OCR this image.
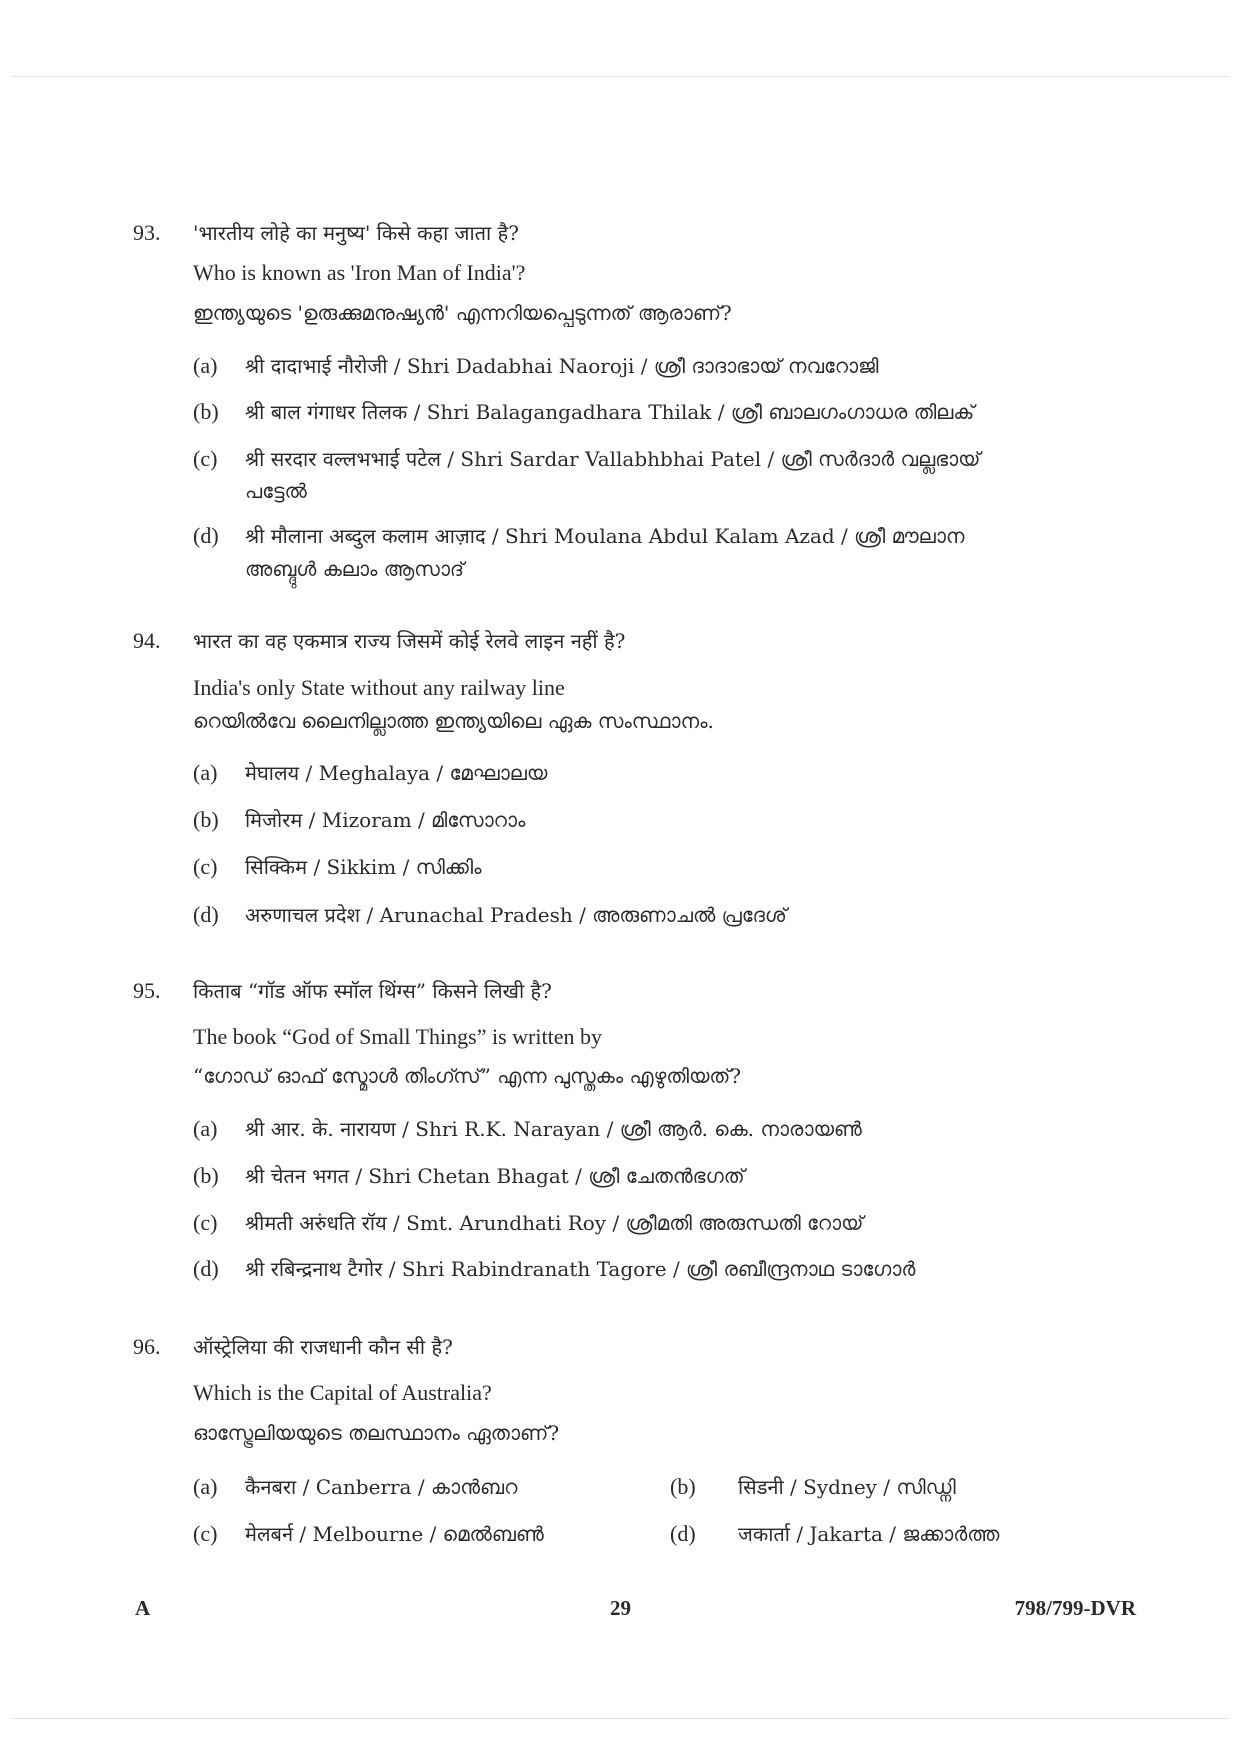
93. 'भारतीय लोहे का मनुष्य' किसे कहा जाता है?
Who is known as 'Iron Man of India'?
ഇന്ത്യയുടെ 'ഉരുക്കുമനുഷ്യൻ' എന്നറിയപ്പെടുന്നത് ആരാണ്?
(a) श्री दादाभाई नौरोजी / Shri Dadabhai Naoroji / ശ്രീ ദാദാഭായ് നവറോജി
(b) श्री बाल गंगाधर तिलक / Shri Balagangadhara Thilak / ശ്രീ ബാലഗംഗാധര തിലക്
(c) श्री सरदार वल्लभभाई पटेल / Shri Sardar Vallabhbhai Patel / ശ്രീ സർദാർ വല്ലഭായ്
പട്ടേൽ
(d) श्री मौलाना अब्दुल कलाम आज़ाद / Shri Moulana Abdul Kalam Azad / ശ്രീ മൗലാന
അബ്ദുൾ കലാം ആസാദ്
94. भारत का वह एकमात्र राज्य जिसमें कोई रेलवे लाइन नहीं है?
India's only State without any railway line
റെയിൽവേ ലൈനില്ലാത്ത ഇന്ത്യയിലെ ഏക സംസ്ഥാനം.
(a) मेघालय / Meghalaya / മേഘാലയ
(b) मिजोरम / Mizoram / മിസോറാം
(c) सिक्किम / Sikkim / സിക്കിം
(d) अरुणाचल प्रदेश / Arunachal Pradesh / അരുണാചൽ പ്രദേശ്
95. किताब “गॉड ऑफ स्मॉल थिंग्स” किसने लिखी है?
The book “God of Small Things” is written by
“ഗോഡ് ഓഫ് സ്മോൾ തിംഗ്സ്” എന്ന പുസ്തകം എഴുതിയത്?
(a) श्री आर. के. नारायण / Shri R.K. Narayan / ശ്രീ ആർ. കെ. നാരായൺ
(b) श्री चेतन भगत / Shri Chetan Bhagat / ശ്രീ ചേതൻഭഗത്
(c) श्रीमती अरुंधति रॉय / Smt. Arundhati Roy / ശ്രീമതി അരുന്ധതി റോയ്
(d) श्री रबिन्द्रनाथ टैगोर / Shri Rabindranath Tagore / ശ്രീ രബീന്ദ്രനാഥ ടാഗോർ
96. ऑस्ट्रेलिया की राजधानी कौन सी है?
Which is the Capital of Australia?
ഓസ്ട്രേലിയയുടെ തലസ്ഥാനം ഏതാണ്?
(a) कैनबरा / Canberra / കാൻബറ	(b) सिडनी / Sydney / സിഡ്നി
(c) मेलबर्न / Melbourne / മെൽബൺ	(d) जकार्ता / Jakarta / ജക്കാർത്ത
A	29	798/799-DVR
